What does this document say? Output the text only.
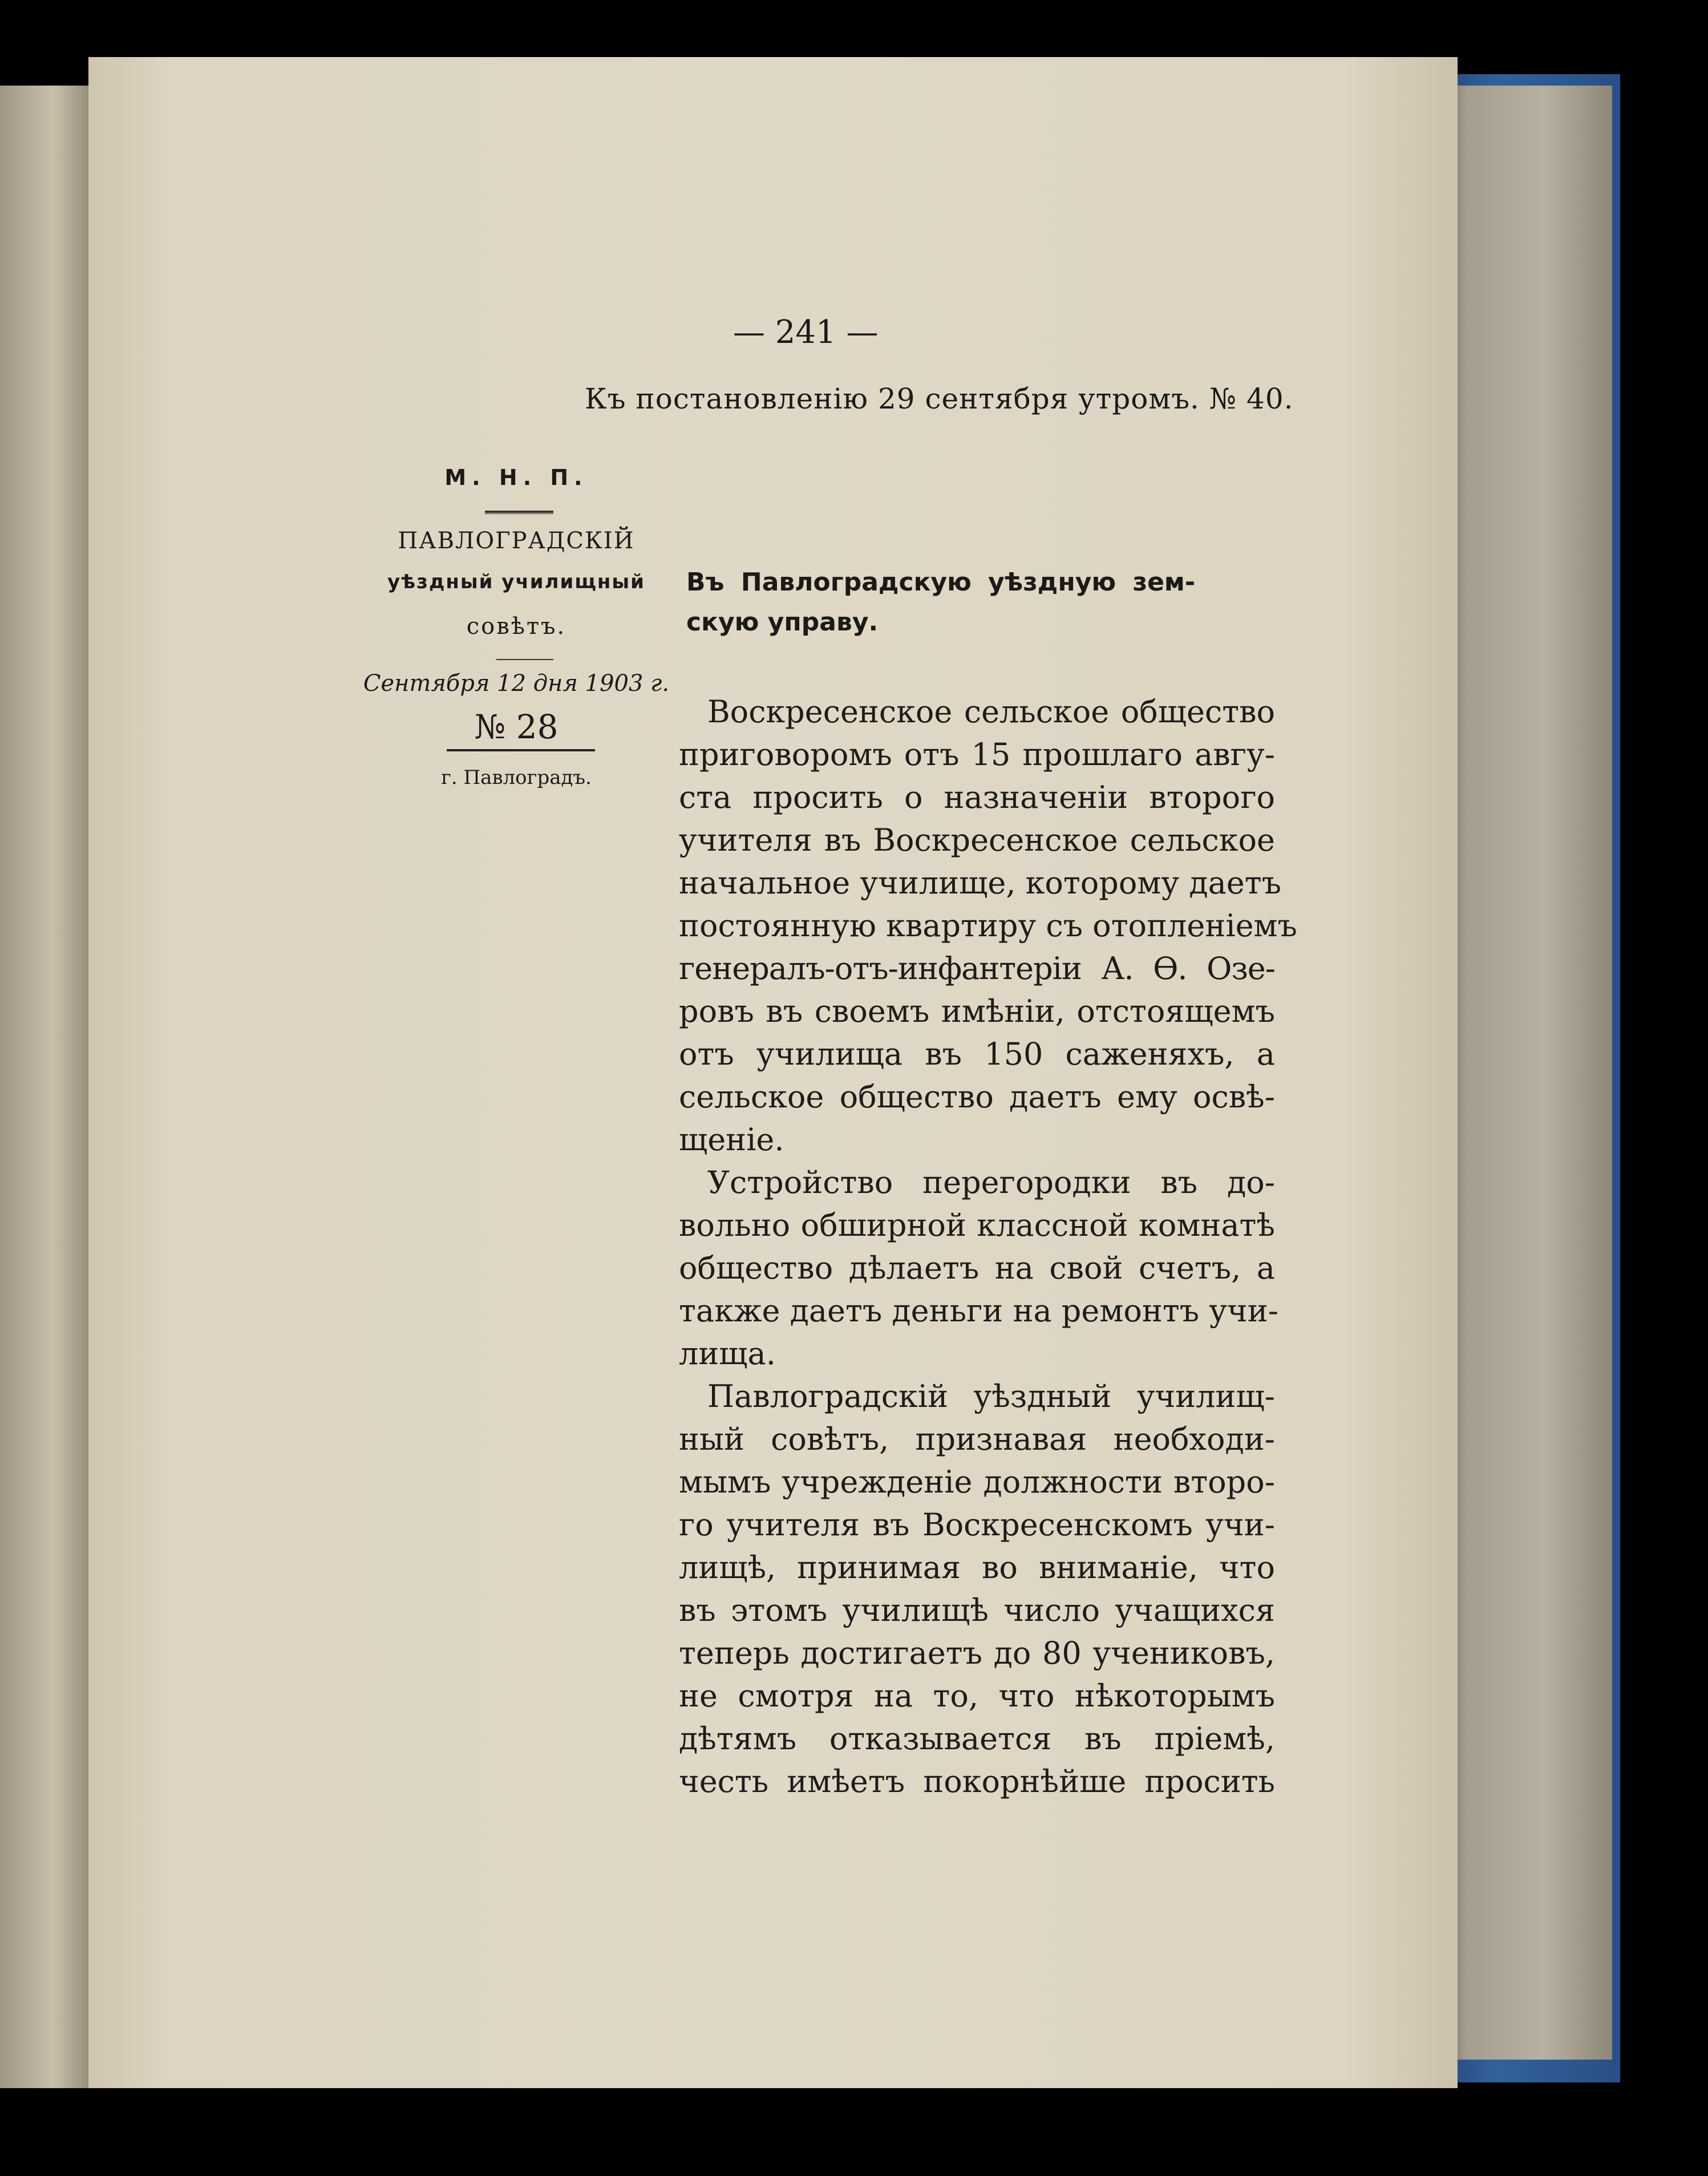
— 241 —
Къ постановленію 29 сентября утромъ. № 40.
М. Н. П.
ПАВЛОГРАДСКІЙ
уѣздный училищный
совѣтъ.
Сентября 12 дня 1903 г.
№ 28
г. Павлоградъ.
Въ Павлоградскую уѣздную зем-
скую управу.
Воскресенское сельское общество
приговоромъ отъ 15 прошлаго авгу-
ста просить о назначеніи второго
учителя въ Воскресенское сельское
начальное училище, которому даетъ
постоянную квартиру съ отопленіемъ
генералъ-отъ-инфантеріи А. Ѳ. Озе-
ровъ въ своемъ имѣніи, отстоящемъ
отъ училища въ 150 саженяхъ, а
сельское общество даетъ ему освѣ-
щеніе.
Устройство перегородки въ до-
вольно обширной классной комнатѣ
общество дѣлаетъ на свой счетъ, а
также даетъ деньги на ремонтъ учи-
лища.
Павлоградскій уѣздный училищ-
ный совѣтъ, признавая необходи-
мымъ учрежденіе должности второ-
го учителя въ Воскресенскомъ учи-
лищѣ, принимая во вниманіе, что
въ этомъ училищѣ число учащихся
теперь достигаетъ до 80 учениковъ,
не смотря на то, что нѣкоторымъ
дѣтямъ отказывается въ пріемѣ,
честь имѣетъ покорнѣйше просить
